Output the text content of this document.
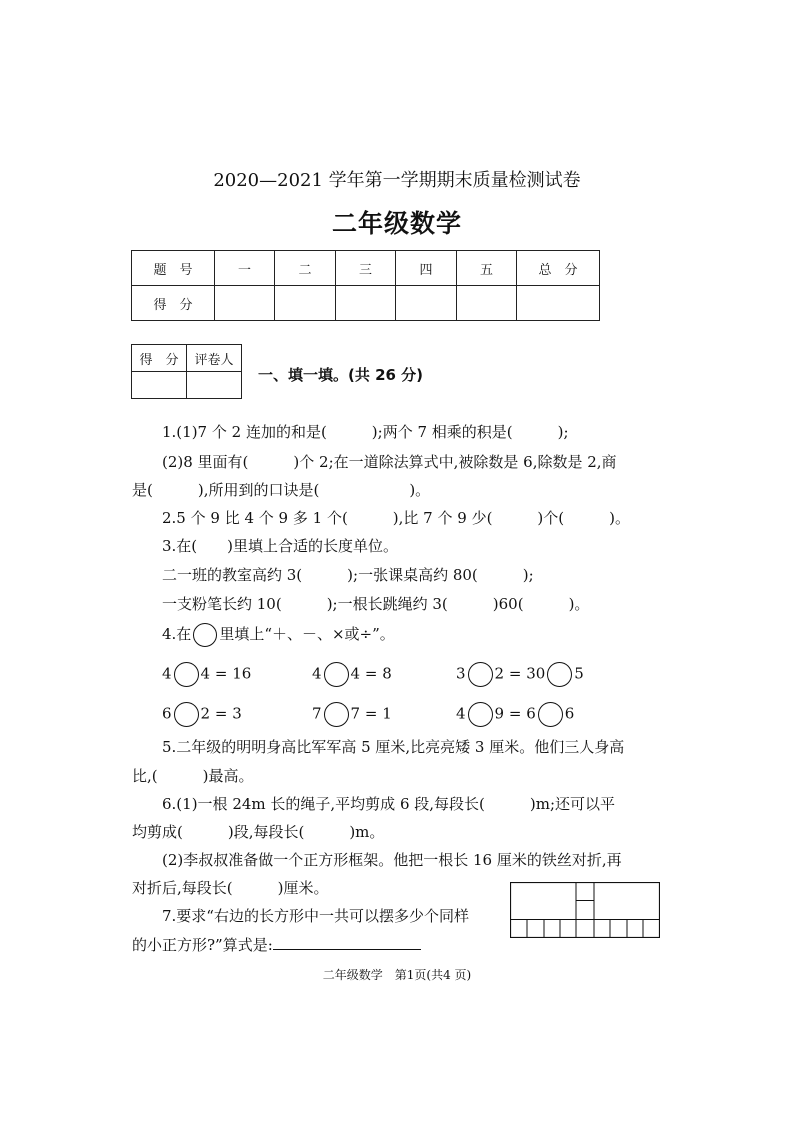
2020—2021 学年第一学期期末质量检测试卷
二年级数学
题　号	一	二	三	四	五	总　分
得　分						
得　分	评卷人

一、填一填。(共 26 分)
1.(1)7 个 2 连加的和是(　　　);两个 7 相乘的积是(　　　);
(2)8 里面有(　　　)个 2;在一道除法算式中,被除数是 6,除数是 2,商
是(　　　),所用到的口诀是(　　　　　　)。
2.5 个 9 比 4 个 9 多 1 个(　　　),比 7 个 9 少(　　　)个(　　　)。
3.在(　　)里填上合适的长度单位。
二一班的教室高约 3(　　　);一张课桌高约 80(　　　);
一支粉笔长约 10(　　　);一根长跳绳约 3(　　　)60(　　　)。
4.在 里填上“＋、－、×或÷”。
4 4 = 16	4 4 = 8	3 2 = 30 5
6 2 = 3	7 7 = 1	4 9 = 6 6
5.二年级的明明身高比军军高 5 厘米,比亮亮矮 3 厘米。他们三人身高
比,(　　　)最高。
6.(1)一根 24m 长的绳子,平均剪成 6 段,每段长(　　　)m;还可以平
均剪成(　　　)段,每段长(　　　)m。
(2)李叔叔准备做一个正方形框架。他把一根长 16 厘米的铁丝对折,再
对折后,每段长(　　　)厘米。
7.要求“右边的长方形中一共可以摆多少个同样
的小正方形?”算式是:
二年级数学　第1页(共4 页)
